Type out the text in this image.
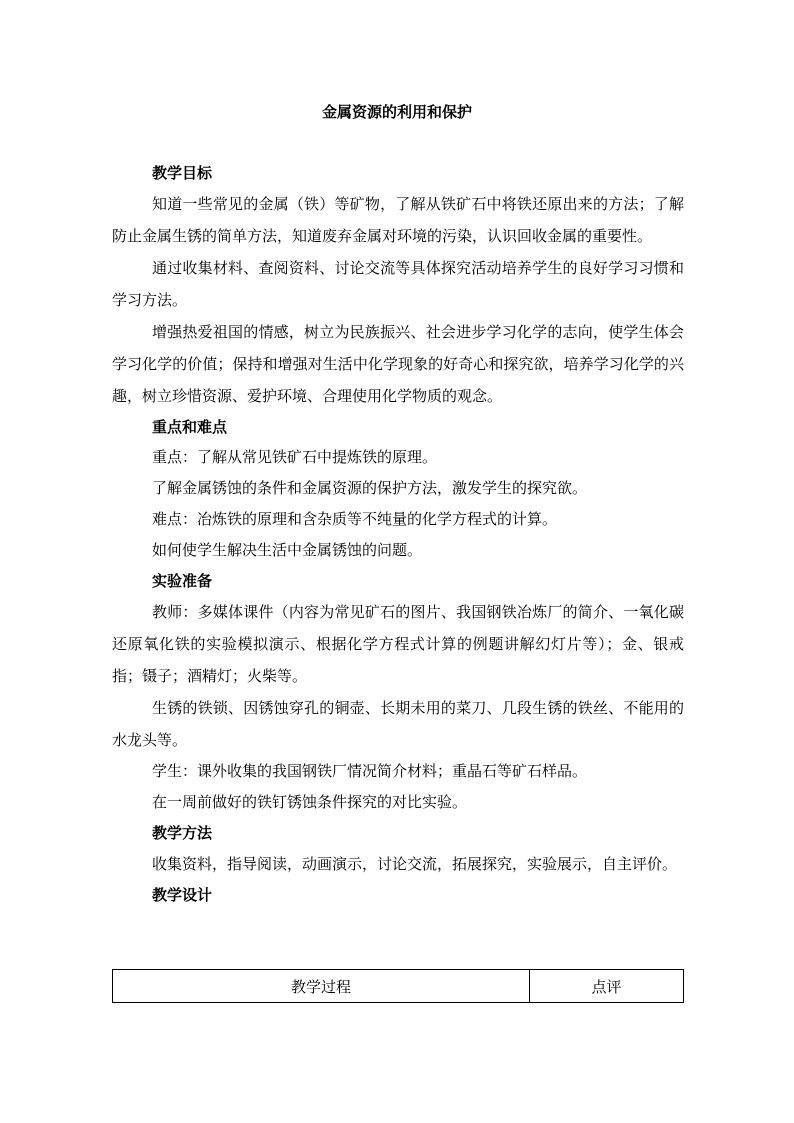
金属资源的利用和保护
教学目标
知道一些常见的金属（铁）等矿物，了解从铁矿石中将铁还原出来的方法；了解防止金属生锈的简单方法，知道废弃金属对环境的污染，认识回收金属的重要性。
通过收集材料、查阅资料、讨论交流等具体探究活动培养学生的良好学习习惯和学习方法。
增强热爱祖国的情感，树立为民族振兴、社会进步学习化学的志向，使学生体会学习化学的价值；保持和增强对生活中化学现象的好奇心和探究欲，培养学习化学的兴趣，树立珍惜资源、爱护环境、合理使用化学物质的观念。
重点和难点
重点：了解从常见铁矿石中提炼铁的原理。
了解金属锈蚀的条件和金属资源的保护方法，激发学生的探究欲。
难点：冶炼铁的原理和含杂质等不纯量的化学方程式的计算。
如何使学生解决生活中金属锈蚀的问题。
实验准备
教师：多媒体课件（内容为常见矿石的图片、我国钢铁冶炼厂的简介、一氧化碳还原氧化铁的实验模拟演示、根据化学方程式计算的例题讲解幻灯片等）；金、银戒指；镊子；酒精灯；火柴等。
生锈的铁锁、因锈蚀穿孔的铜壶、长期未用的菜刀、几段生锈的铁丝、不能用的水龙头等。
学生：课外收集的我国钢铁厂情况简介材料；重晶石等矿石样品。
在一周前做好的铁钉锈蚀条件探究的对比实验。
教学方法
收集资料，指导阅读，动画演示，讨论交流，拓展探究，实验展示，自主评价。
教学设计
教学过程	点评
